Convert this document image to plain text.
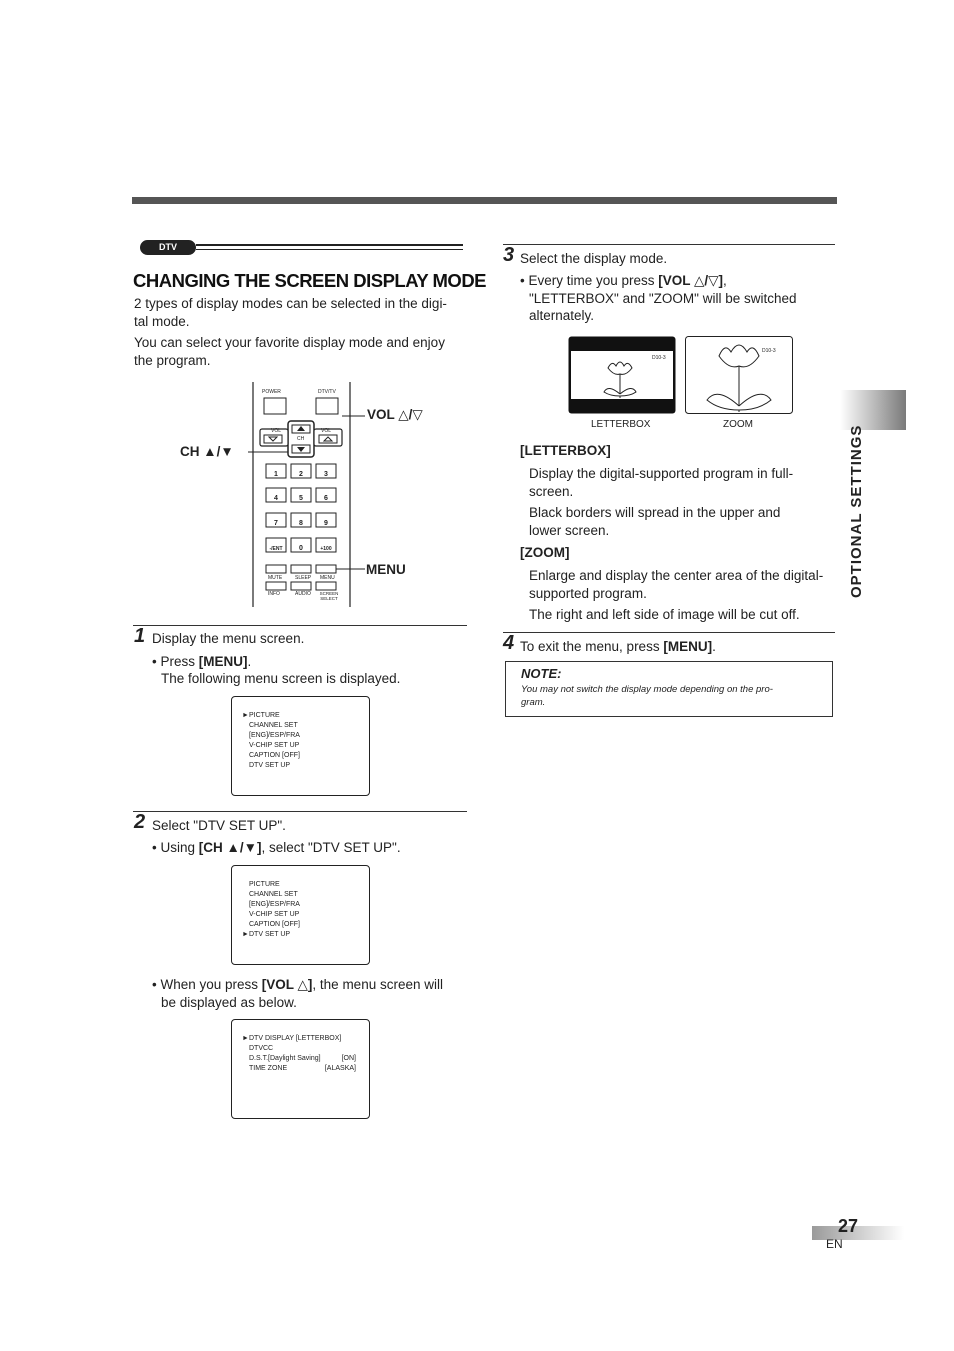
DTV
CHANGING THE SCREEN DISPLAY MODE
2 types of display modes can be selected in the digi-
tal mode.
You can select your favorite display mode and enjoy
the program.
POWER	DTV/TV
VOL	VOL
CH
1	2	3
4	5	6
7	8	9
-/ENT	0	+100
MUTE	SLEEP MENU
INFO	AUDIO	SCREEN SELECT
VOL △/▽
CH ▲/▼
MENU
1 Display the menu screen.
• Press [MENU].
The following menu screen is displayed.
► PICTURE
CHANNEL SET
[ENG]/ESP/FRA
V-CHIP SET UP
CAPTION [OFF]
DTV SET UP
2 Select "DTV SET UP".
• Using [CH ▲/▼], select "DTV SET UP".
PICTURE
CHANNEL SET
[ENG]/ESP/FRA
V-CHIP SET UP
CAPTION [OFF]
DTV SET UP
►
• When you press [VOL △], the menu screen will
be displayed as below.
► DTV DISPLAY [LETTERBOX]
DTVCC
D.S.T.[Daylight Saving]	[ON]
TIME ZONE	[ALASKA]
3 Select the display mode.
• Every time you press [VOL △/▽],
"LETTERBOX" and "ZOOM" will be switched
alternately.
D10-3
LETTERBOX
D10-3
ZOOM
[LETTERBOX]
Display the digital-supported program in full-
screen.
Black borders will spread in the upper and
lower screen.
[ZOOM]
Enlarge and display the center area of the digital-
supported program.
The right and left side of image will be cut off.
4 To exit the menu, press [MENU].
NOTE:
You may not switch the display mode depending on the pro-
gram.
OPTIONAL SETTINGS
27
EN
